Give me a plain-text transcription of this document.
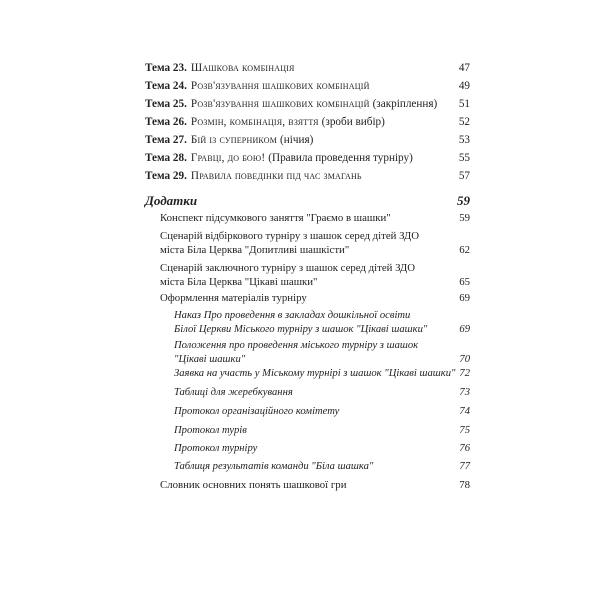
Тема 23. Шашкова комбінація	47
Тема 24. Розв'язування шашкових комбінацій	49
Тема 25. Розв'язування шашкових комбінацій (закріплення) 51
Тема 26. Розмін, комбінація, взяття (зроби вибір)	52
Тема 27. Бій із суперником (нічия)	53
Тема 28. Гравці, до бою! (Правила проведення турніру)	55
Тема 29. Правила поведінки під час змагань	57
Додатки	59
Конспект підсумкового заняття "Граємо в шашки"	59
Сценарій відбіркового турніру з шашок серед дітей ЗДО
міста Біла Церква "Допитливі шашкісти"	62
Сценарій заключного турніру з шашок серед дітей ЗДО
міста Біла Церква "Цікаві шашки"	65
Оформлення матеріалів турніру	69
Наказ Про проведення в закладах дошкільної освіти
Білої Церкви Міського турніру з шашок "Цікаві шашки"	69
Положення про проведення міського турніру з шашок
"Цікаві шашки"	70
Заявка на участь у Міському турнірі з шашок "Цікаві шашки" 72
Таблиці для жеребкування	73
Протокол організаційного комітету	74
Протокол турів	75
Протокол турніру	76
Таблиця результатів команди "Біла шашка"	77
Словник основних понять шашкової гри	78
